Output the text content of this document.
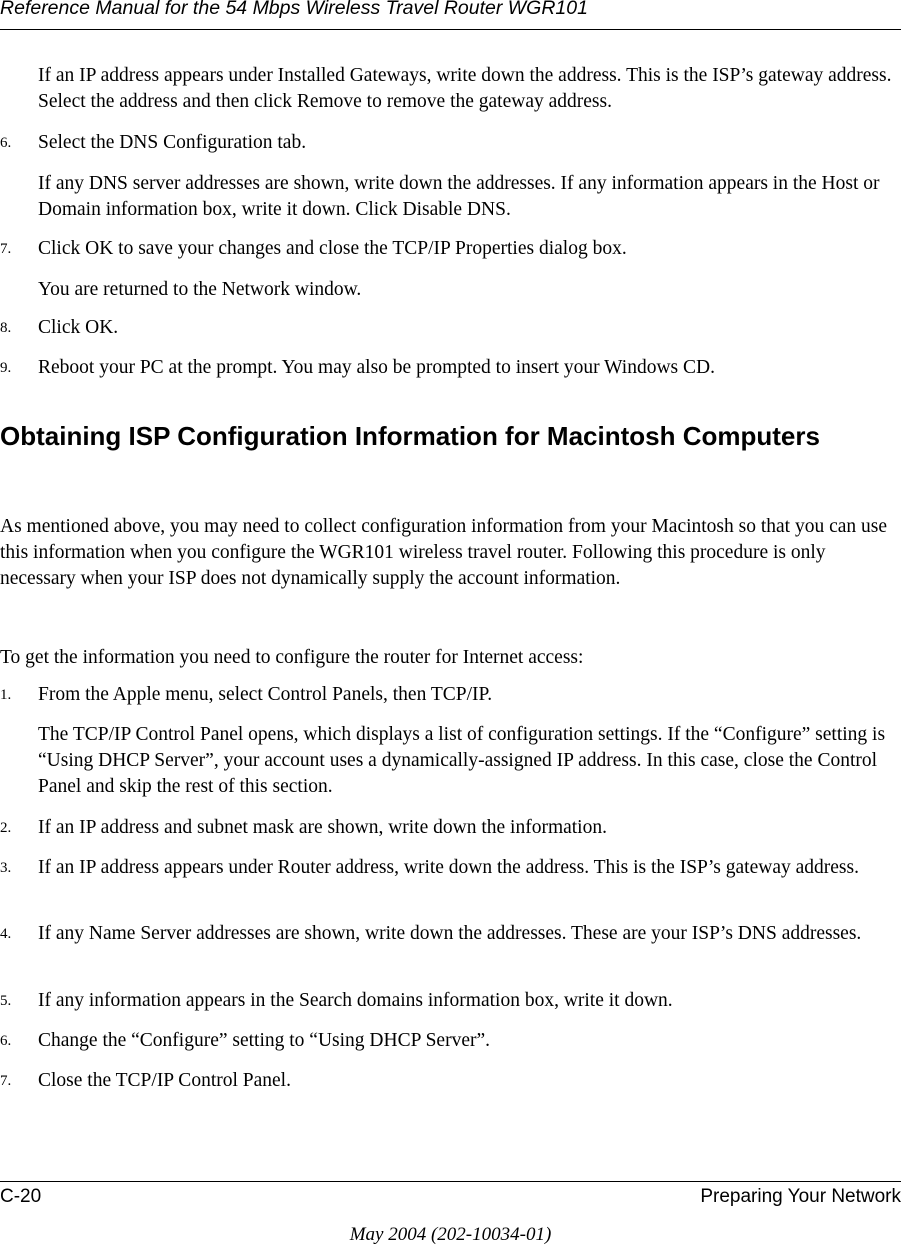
Reference Manual for the 54 Mbps Wireless Travel Router WGR101

If an IP address appears under Installed Gateways, write down the address. This is the ISP’s gateway address. Select the address and then click Remove to remove the gateway address.

6. Select the DNS Configuration tab.

If any DNS server addresses are shown, write down the addresses. If any information appears in the Host or Domain information box, write it down. Click Disable DNS.

7. Click OK to save your changes and close the TCP/IP Properties dialog box.

You are returned to the Network window.

8. Click OK.

9. Reboot your PC at the prompt. You may also be prompted to insert your Windows CD.

Obtaining ISP Configuration Information for Macintosh Computers

As mentioned above, you may need to collect configuration information from your Macintosh so that you can use this information when you configure the WGR101 wireless travel router. Following this procedure is only necessary when your ISP does not dynamically supply the account information.

To get the information you need to configure the router for Internet access:

1. From the Apple menu, select Control Panels, then TCP/IP.

The TCP/IP Control Panel opens, which displays a list of configuration settings. If the “Configure” setting is “Using DHCP Server”, your account uses a dynamically-assigned IP address. In this case, close the Control Panel and skip the rest of this section.

2. If an IP address and subnet mask are shown, write down the information.

3. If an IP address appears under Router address, write down the address. This is the ISP’s gateway address.

4. If any Name Server addresses are shown, write down the addresses. These are your ISP’s DNS addresses.

5. If any information appears in the Search domains information box, write it down.

6. Change the “Configure” setting to “Using DHCP Server”.

7. Close the TCP/IP Control Panel.

C-20	Preparing Your Network
May 2004 (202-10034-01)
